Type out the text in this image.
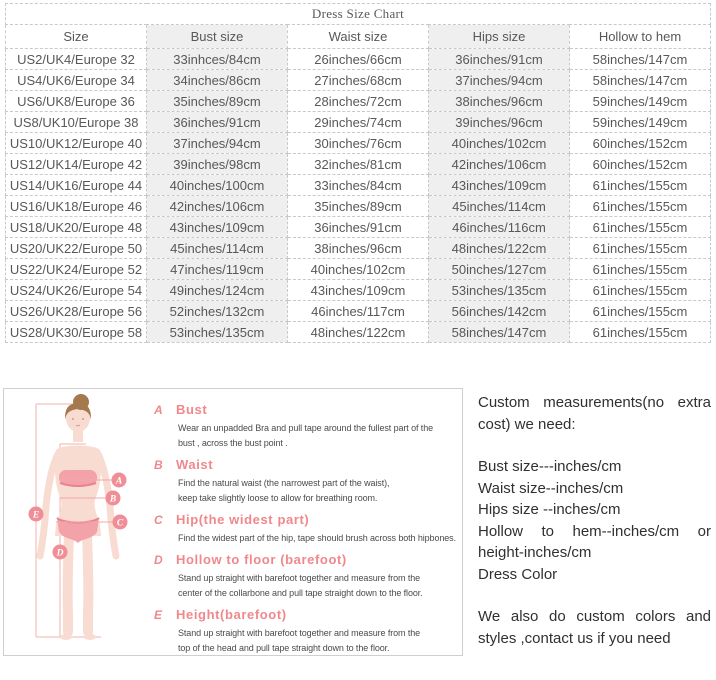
Dress Size Chart				
Size	Bust size	Waist size	Hips size	Hollow to hem
US2/UK4/Europe 32	33inhces/84cm	26inches/66cm	36inches/91cm	58inches/147cm
US4/UK6/Europe 34	34inches/86cm	27inches/68cm	37inches/94cm	58inches/147cm
US6/UK8/Europe 36	35inches/89cm	28inches/72cm	38inches/96cm	59inches/149cm
US8/UK10/Europe 38	36inches/91cm	29inches/74cm	39inches/96cm	59inches/149cm
US10/UK12/Europe 40	37inches/94cm	30inches/76cm	40inches/102cm	60inches/152cm
US12/UK14/Europe 42	39inches/98cm	32inches/81cm	42inches/106cm	60inches/152cm
US14/UK16/Europe 44	40inches/100cm	33inches/84cm	43inches/109cm	61inches/155cm
US16/UK18/Europe 46	42inches/106cm	35inches/89cm	45inches/114cm	61inches/155cm
US18/UK20/Europe 48	43inches/109cm	36inches/91cm	46inches/116cm	61inches/155cm
US20/UK22/Europe 50	45inches/114cm	38inches/96cm	48inches/122cm	61inches/155cm
US22/UK24/Europe 52	47inches/119cm	40inches/102cm	50inches/127cm	61inches/155cm
US24/UK26/Europe 54	49inches/124cm	43inches/109cm	53inches/135cm	61inches/155cm
US26/UK28/Europe 56	52inches/132cm	46inches/117cm	56inches/142cm	61inches/155cm
US28/UK30/Europe 58	53inches/135cm	48inches/122cm	58inches/147cm	61inches/155cm
A
B
C
D
E
A Bust
Wear an unpadded Bra and pull tape around the fullest part of the
bust , across the bust point .
B Waist
Find the natural waist (the narrowest part of the waist),
keep take slightly loose to allow for breathing room.
C Hip(the widest part)
Find the widest part of the hip, tape should brush across both hipbones.
D Hollow to floor (barefoot)
Stand up straight with barefoot together and measure from the
center of the collarbone and pull tape straight down to the floor.
E Height(barefoot)
Stand up straight with barefoot together and measure from the
top of the head and pull tape straight down to the floor.
Custom measurements(no extra cost) we need:
Bust size---inches/cm
Waist size--inches/cm
Hips size --inches/cm
Hollow to hem--inches/cm or height-inches/cm
Dress Color
We also do custom colors and styles ,contact us if you need
